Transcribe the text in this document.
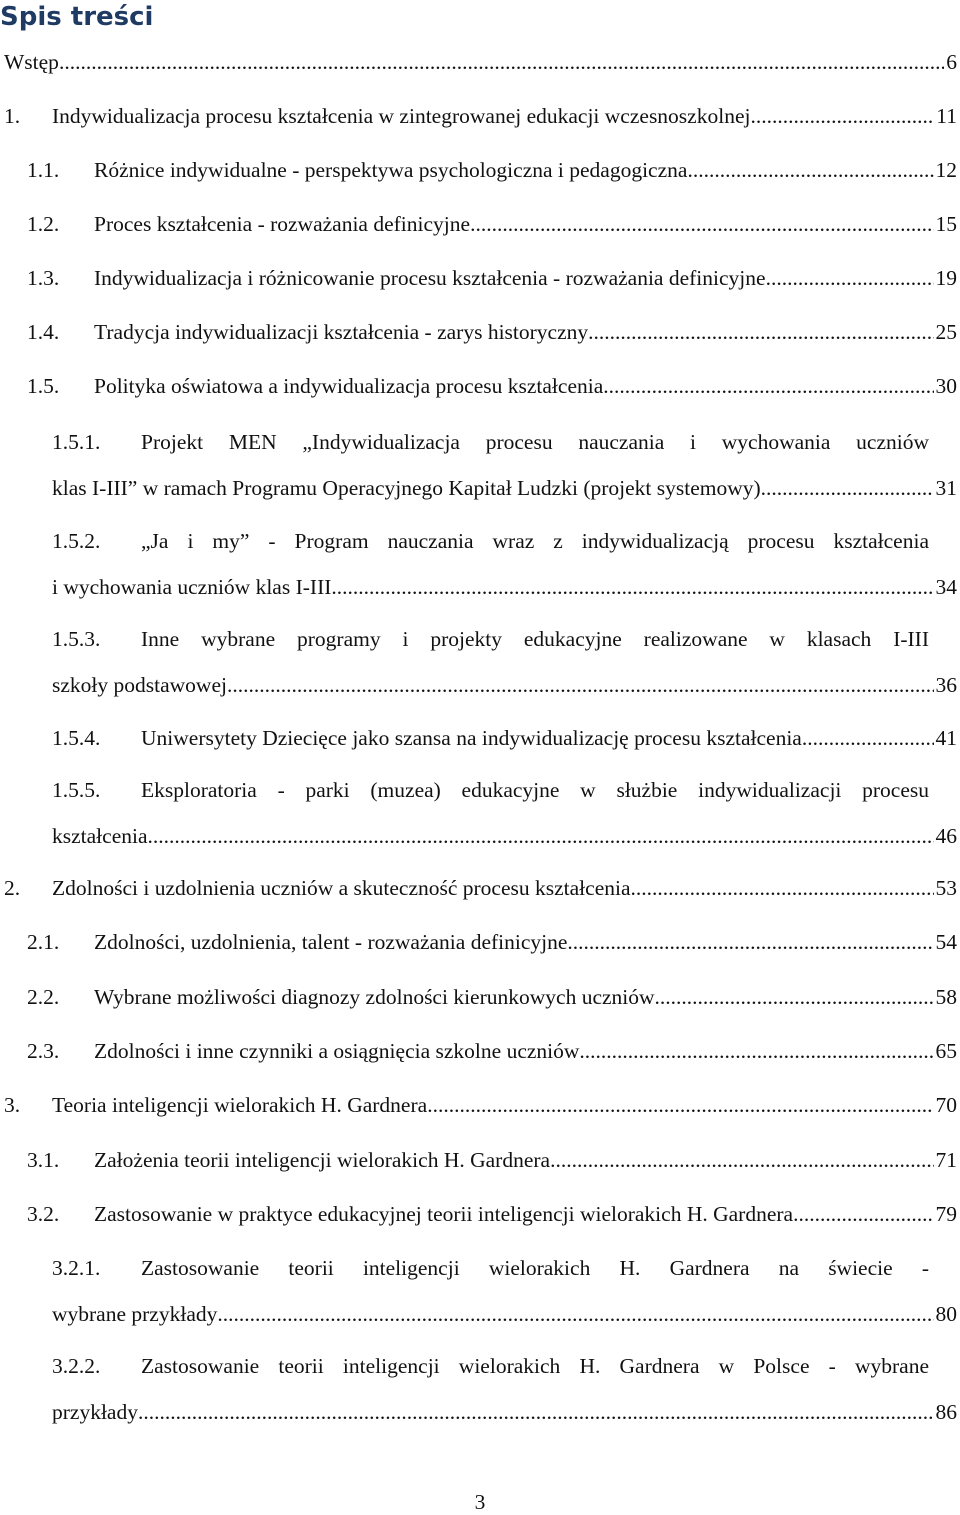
Spis treści
Wstęp .....	6
1.	Indywidualizacja procesu kształcenia w zintegrowanej edukacji wczesnoszkolnej .....	11
1.1.	Różnice indywidualne - perspektywa psychologiczna i pedagogiczna .....	12
1.2.	Proces kształcenia - rozważania definicyjne .....	15
1.3.	Indywidualizacja i różnicowanie procesu kształcenia - rozważania definicyjne .....	19
1.4.	Tradycja indywidualizacji kształcenia - zarys historyczny .....	25
1.5.	Polityka oświatowa a indywidualizacja procesu kształcenia .....	30
1.5.1.	Projekt MEN „Indywidualizacja procesu nauczania i wychowania uczniów
klas I-III” w ramach Programu Operacyjnego Kapitał Ludzki (projekt systemowy) .....	31
1.5.2.	„Ja i my” - Program nauczania wraz z indywidualizacją procesu kształcenia
i wychowania uczniów klas I-III .....	34
1.5.3.	Inne wybrane programy i projekty edukacyjne realizowane w klasach I-III
szkoły podstawowej .....	36
1.5.4.	Uniwersytety Dziecięce jako szansa na indywidualizację procesu kształcenia .....	41
1.5.5.	Eksploratoria - parki (muzea) edukacyjne w służbie indywidualizacji procesu
kształcenia .....	46
2.	Zdolności i uzdolnienia uczniów a skuteczność procesu kształcenia .....	53
2.1.	Zdolności, uzdolnienia, talent - rozważania definicyjne .....	54
2.2.	Wybrane możliwości diagnozy zdolności kierunkowych uczniów .....	58
2.3.	Zdolności i inne czynniki a osiągnięcia szkolne uczniów .....	65
3.	Teoria inteligencji wielorakich H. Gardnera .....	70
3.1.	Założenia teorii inteligencji wielorakich H. Gardnera .....	71
3.2.	Zastosowanie w praktyce edukacyjnej teorii inteligencji wielorakich H. Gardnera .....	79
3.2.1.	Zastosowanie teorii inteligencji wielorakich H. Gardnera na świecie -
wybrane przykłady .....	80
3.2.2.	Zastosowanie teorii inteligencji wielorakich H. Gardnera w Polsce - wybrane
przykłady .....	86
3
